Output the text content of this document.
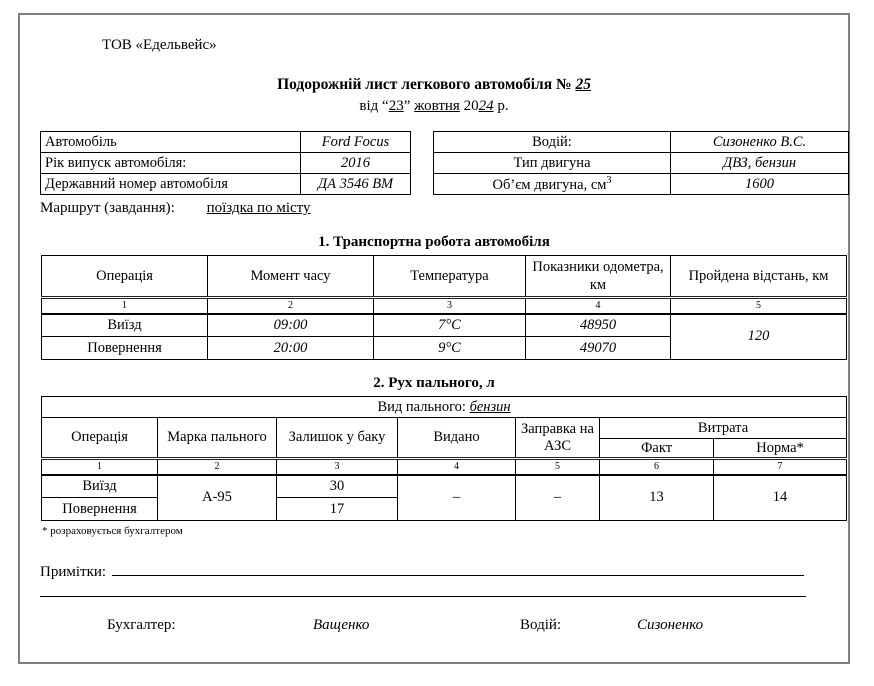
ТОВ «Едельвейс»
Подорожній лист легкового автомобіля № 25
від “23” жовтня 2024 р.
Автомобіль	Ford Focus
Рік випуск автомобіля:	2016
Державний номер автомобіля	ДА 3546 ВМ
Водій:	Сизоненко В.С.
Тип двигуна	ДВЗ, бензин
Об’єм двигуна, $см^3$	1600
Маршрут (завдання): поїздка по місту
1. Транспортна робота автомобіля
Операція	Момент часу	Температура	Показники одометра, км	Пройдена відстань, км
1	2	3	4	5
Виїзд	09:00	7°С	48950	120
Повернення	20:00	9°С	49070	
2. Рух пального, л
Вид пального: бензин						
Операція	Марка пального	Залишок у баку	Видано	Заправка на АЗС	Витрата	
					Факт	Норма*
1	2	3	4	5	6	7
Виїзд	А-95	30	–	–	13	14
Повернення		17				
* розраховується бухгалтером
Примітки:
Бухгалтер:	Ващенко	Водій:	Сизоненко
